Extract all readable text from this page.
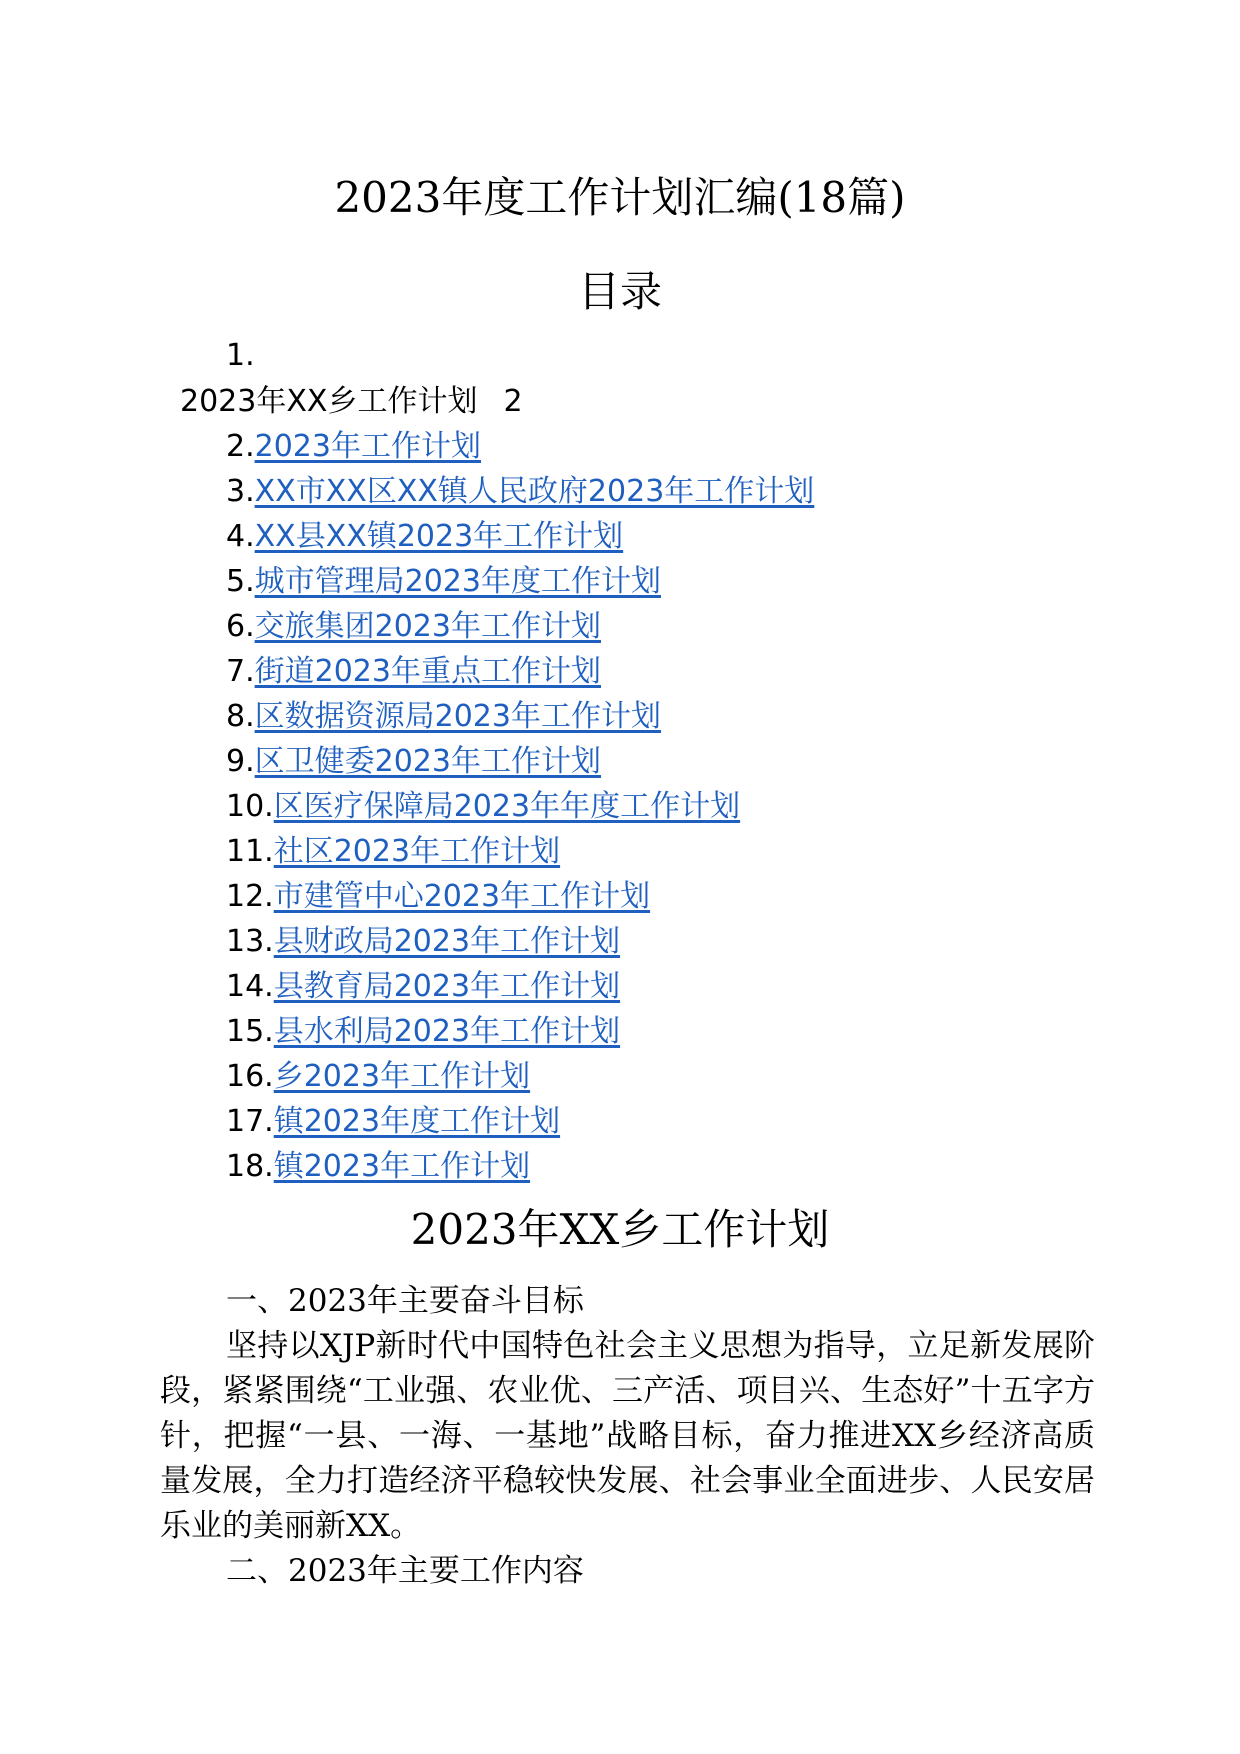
2023年度工作计划汇编(18篇)
目录
1.
2023年XX乡工作计划 2
2.2023年工作计划
3.XX市XX区XX镇人民政府2023年工作计划
4.XX县XX镇2023年工作计划
5.城市管理局2023年度工作计划
6.交旅集团2023年工作计划
7.街道2023年重点工作计划
8.区数据资源局2023年工作计划
9.区卫健委2023年工作计划
10.区医疗保障局2023年年度工作计划
11.社区2023年工作计划
12.市建管中心2023年工作计划
13.县财政局2023年工作计划
14.县教育局2023年工作计划
15.县水利局2023年工作计划
16.乡2023年工作计划
17.镇2023年度工作计划
18.镇2023年工作计划
2023年XX乡工作计划

一、2023年主要奋斗目标

坚持以XJP新时代中国特色社会主义思想为指导，立足新发展阶段，紧紧围绕“工业强、农业优、三产活、项目兴、生态好”十五字方针，把握“一县、一海、一基地”战略目标，奋力推进XX乡经济高质量发展，全力打造经济平稳较快发展、社会事业全面进步、人民安居乐业的美丽新XX。

二、2023年主要工作内容
